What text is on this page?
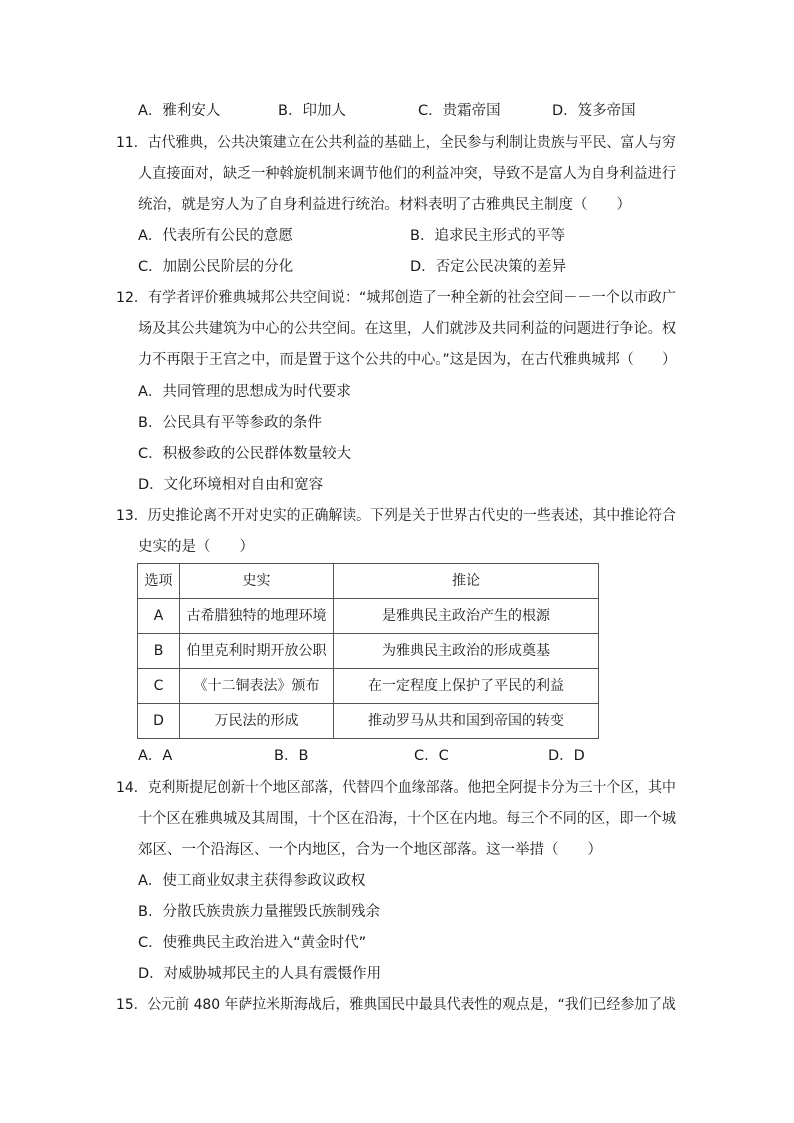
A．雅利安人	B．印加人	C．贵霜帝国	D．笈多帝国
11．古代雅典，公共决策建立在公共利益的基础上，全民参与利制让贵族与平民、富人与穷
人直接面对，缺乏一种斡旋机制来调节他们的利益冲突，导致不是富人为自身利益进行
统治，就是穷人为了自身利益进行统治。材料表明了古雅典民主制度（　　）
A．代表所有公民的意愿	B．追求民主形式的平等
C．加剧公民阶层的分化	D．否定公民决策的差异
12．有学者评价雅典城邦公共空间说：“城邦创造了一种全新的社会空间－－一个以市政广
场及其公共建筑为中心的公共空间。在这里，人们就涉及共同利益的问题进行争论。权
力不再限于王宫之中，而是置于这个公共的中心。”这是因为，在古代雅典城邦（　　）
A．共同管理的思想成为时代要求
B．公民具有平等参政的条件
C．积极参政的公民群体数量较大
D．文化环境相对自由和宽容
13．历史推论离不开对史实的正确解读。下列是关于世界古代史的一些表述，其中推论符合
史实的是（　　）
选项	史实	推论
A	古希腊独特的地理环境	是雅典民主政治产生的根源
B	伯里克利时期开放公职	为雅典民主政治的形成奠基
C	《十二铜表法》颁布	在一定程度上保护了平民的利益
D	万民法的形成	推动罗马从共和国到帝国的转变
A．A	B．B	C．C	D．D
14．克利斯提尼创新十个地区部落，代替四个血缘部落。他把全阿提卡分为三十个区，其中
十个区在雅典城及其周围，十个区在沿海，十个区在内地。每三个不同的区，即一个城
郊区、一个沿海区、一个内地区，合为一个地区部落。这一举措（　　）
A．使工商业奴隶主获得参政议政权
B．分散氏族贵族力量摧毁氏族制残余
C．使雅典民主政治进入“黄金时代”
D．对威胁城邦民主的人具有震慑作用
15．公元前 480 年萨拉米斯海战后，雅典国民中最具代表性的观点是，“我们已经参加了战
